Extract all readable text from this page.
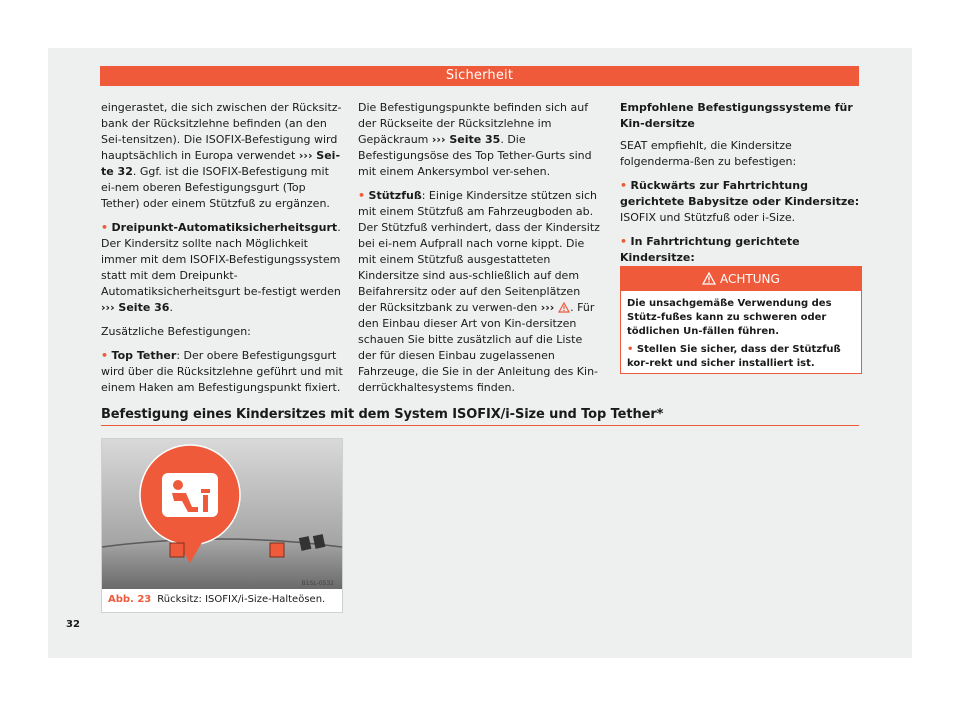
Sicherheit

eingerastet, die sich zwischen der Rücksitz-bank der Rücksitzlehne befinden (an den Sei-tensitzen). Die ISOFIX-Befestigung wird hauptsächlich in Europa verwendet ››› Sei-te 32. Ggf. ist die ISOFIX-Befestigung mit ei-nem oberen Befestigungsgurt (Top Tether) oder einem Stützfuß zu ergänzen.

• Dreipunkt-Automatiksicherheitsgurt. Der Kindersitz sollte nach Möglichkeit immer mit dem ISOFIX-Befestigungssystem statt mit dem Dreipunkt-Automatiksicherheitsgurt be-festigt werden ››› Seite 36.

Zusätzliche Befestigungen:

• Top Tether: Der obere Befestigungsgurt wird über die Rücksitzlehne geführt und mit einem Haken am Befestigungspunkt fixiert.

Die Befestigungspunkte befinden sich auf der Rückseite der Rücksitzlehne im Gepäckraum ››› Seite 35. Die Befestigungsöse des Top Tether-Gurts sind mit einem Ankersymbol ver-sehen.

• Stützfuß: Einige Kindersitze stützen sich mit einem Stützfuß am Fahrzeugboden ab. Der Stützfuß verhindert, dass der Kindersitz bei ei-nem Aufprall nach vorne kippt. Die mit einem Stützfuß ausgestatteten Kindersitze sind aus-schließlich auf dem Beifahrersitz oder auf den Seitenplätzen der Rücksitzbank zu verwen-den ››› . Für den Einbau dieser Art von Kin-dersitzen schauen Sie bitte zusätzlich auf die Liste der für diesen Einbau zugelassenen Fahrzeuge, die Sie in der Anleitung des Kin-derrückhaltesystems finden.

Empfohlene Befestigungssysteme für Kin-dersitze

SEAT empfiehlt, die Kindersitze folgenderma-ßen zu befestigen:

• Rückwärts zur Fahrtrichtung gerichtete Babysitze oder Kindersitze: ISOFIX und Stützfuß oder i-Size.

• In Fahrtrichtung gerichtete Kindersitze:

ACHTUNG

Die unsachgemäße Verwendung des Stütz-fußes kann zu schweren oder tödlichen Un-fällen führen.

• Stellen Sie sicher, dass der Stützfuß kor-rekt und sicher installiert ist.

Befestigung eines Kindersitzes mit dem System ISOFIX/i-Size und Top Tether*
B1SL-0532
Abb. 23 Rücksitz: ISOFIX/i-Size-Halteösen.
32
